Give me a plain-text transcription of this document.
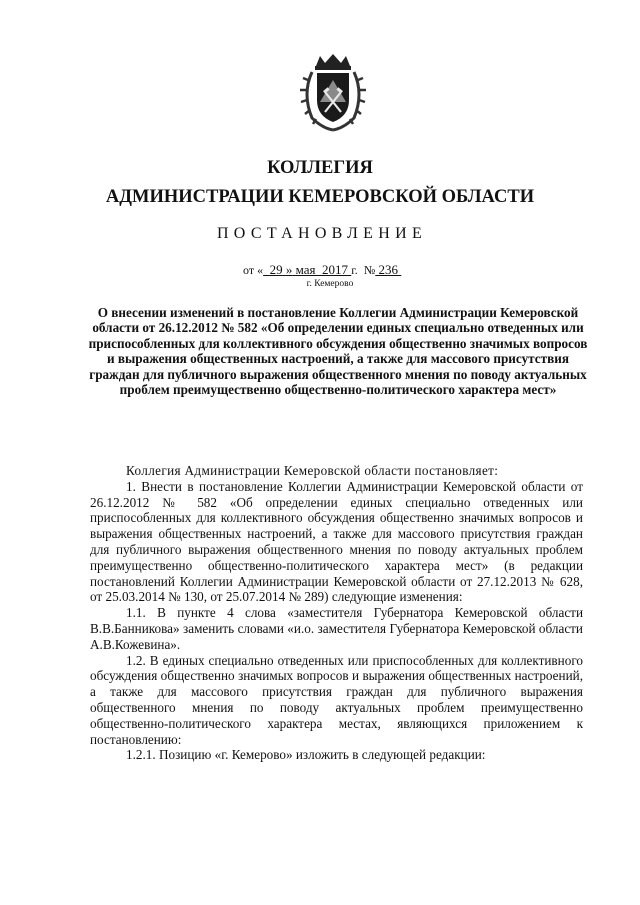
КОЛЛЕГИЯ
АДМИНИСТРАЦИИ КЕМЕРОВСКОЙ ОБЛАСТИ
ПОСТАНОВЛЕНИЕ
от « 29 » мая 2017 г. № 236
г. Кемерово
О внесении изменений в постановление Коллегии Администрации Кемеровской области от 26.12.2012 № 582 «Об определении единых специально отведенных или приспособленных для коллективного обсуждения общественно значимых вопросов и выражения общественных настроений, а также для массового присутствия граждан для публичного выражения общественного мнения по поводу актуальных проблем преимущественно общественно-политического характера мест»

Коллегия Администрации Кемеровской области постановляет:

1. Внести в постановление Коллегии Администрации Кемеровской области от 26.12.2012 № 582 «Об определении единых специально отведенных или приспособленных для коллективного обсуждения общественно значимых вопросов и выражения общественных настроений, а также для массового присутствия граждан для публичного выражения общественного мнения по поводу актуальных проблем преимущественно общественно-политического характера мест» (в редакции постановлений Коллегии Администрации Кемеровской области от 27.12.2013 № 628, от 25.03.2014 № 130, от 25.07.2014 № 289) следующие изменения:

1.1. В пункте 4 слова «заместителя Губернатора Кемеровской области В.В.Банникова» заменить словами «и.о. заместителя Губернатора Кемеровской области А.В.Кожевина».

1.2. В единых специально отведенных или приспособленных для коллективного обсуждения общественно значимых вопросов и выражения общественных настроений, а также для массового присутствия граждан для публичного выражения общественного мнения по поводу актуальных проблем преимущественно общественно-политического характера местах, являющихся приложением к постановлению:

1.2.1. Позицию «г. Кемерово» изложить в следующей редакции:
